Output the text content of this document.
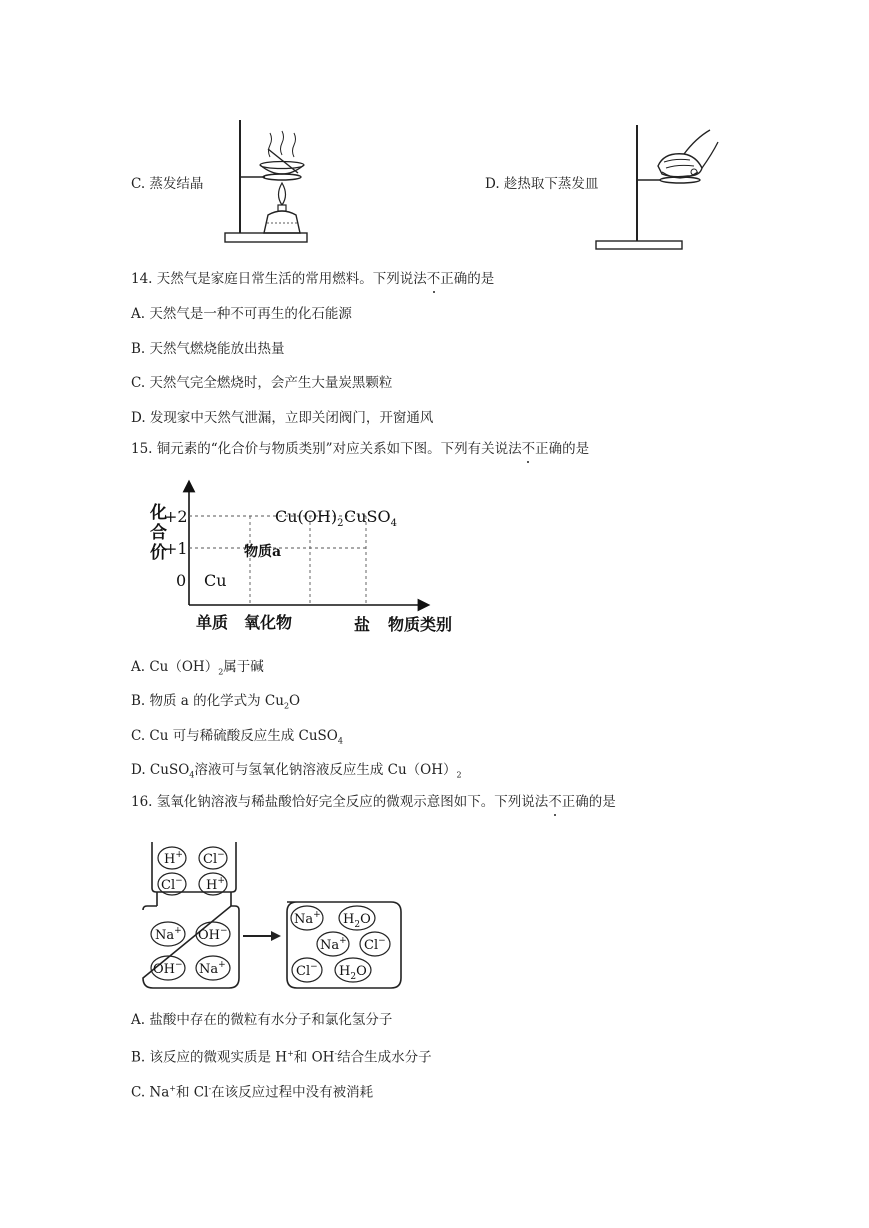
C. 蒸发结晶	D. 趁热取下蒸发皿
14. 天然气是家庭日常生活的常用燃料。下列说法不正确的是
A. 天然气是一种不可再生的化石能源
B. 天然气燃烧能放出热量
C. 天然气完全燃烧时，会产生大量炭黑颗粒
D. 发现家中天然气泄漏，立即关闭阀门，开窗通风
15. 铜元素的“化合价与物质类别”对应关系如下图。下列有关说法不正确的是
化
合
价
+2
+1
0 Cu
物质a
$Cu(OH)_2$ CuSO$_4$
单质 氧化物	盐 物质类别
A. $Cu(OH)_2$属于碱
B. 物质 a 的化学式为 $Cu_2O$
C. Cu 可与稀硫酸反应生成 CuSO$_4$
D. CuSO$_4$溶液可与氢氧化钠溶液反应生成 $Cu(OH)_2$
16. 氢氧化钠溶液与稀盐酸恰好完全反应的微观示意图如下。下列说法不正确的是
H+ Cl−
Cl− H+
Na+ OH−
OH− Na+
Na+ $H_2O$
Na+ Cl−
Cl− $H_2O$
A. 盐酸中存在的微粒有水分子和氯化氢分子
B. 该反应的微观实质是 H+和 OH-结合生成水分子
C. Na+和 Cl-在该反应过程中没有被消耗
